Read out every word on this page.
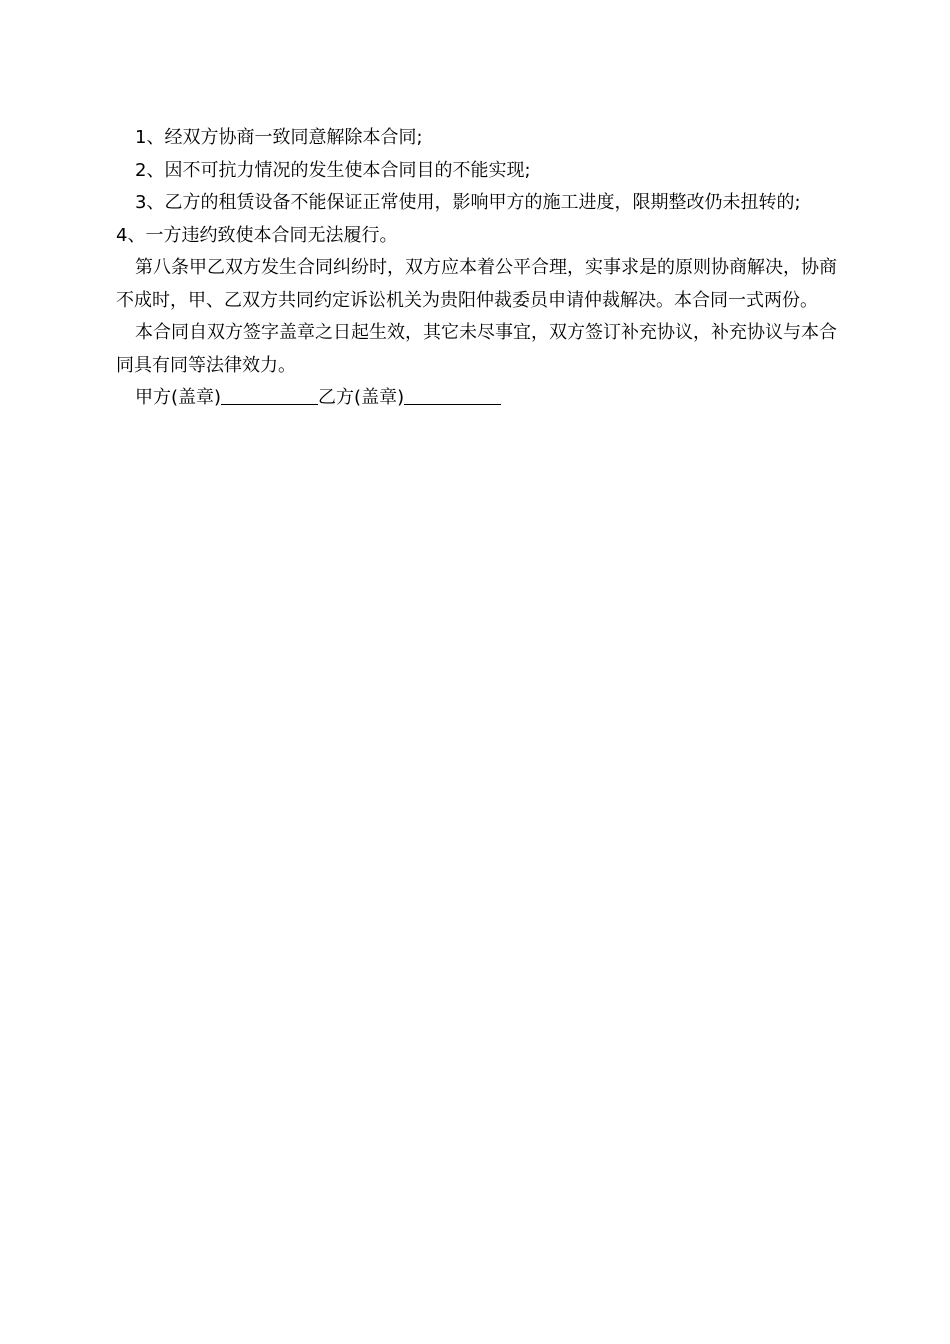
1、经双方协商一致同意解除本合同;

2、因不可抗力情况的发生使本合同目的不能实现;

3、乙方的租赁设备不能保证正常使用，影响甲方的施工进度，限期整改仍未扭转的;

4、一方违约致使本合同无法履行。

第八条甲乙双方发生合同纠纷时，双方应本着公平合理，实事求是的原则协商解决，协商不成时，甲、乙双方共同约定诉讼机关为贵阳仲裁委员申请仲裁解决。本合同一式两份。

本合同自双方签字盖章之日起生效，其它未尽事宜，双方签订补充协议，补充协议与本合同具有同等法律效力。

甲方(盖章)	乙方(盖章)
